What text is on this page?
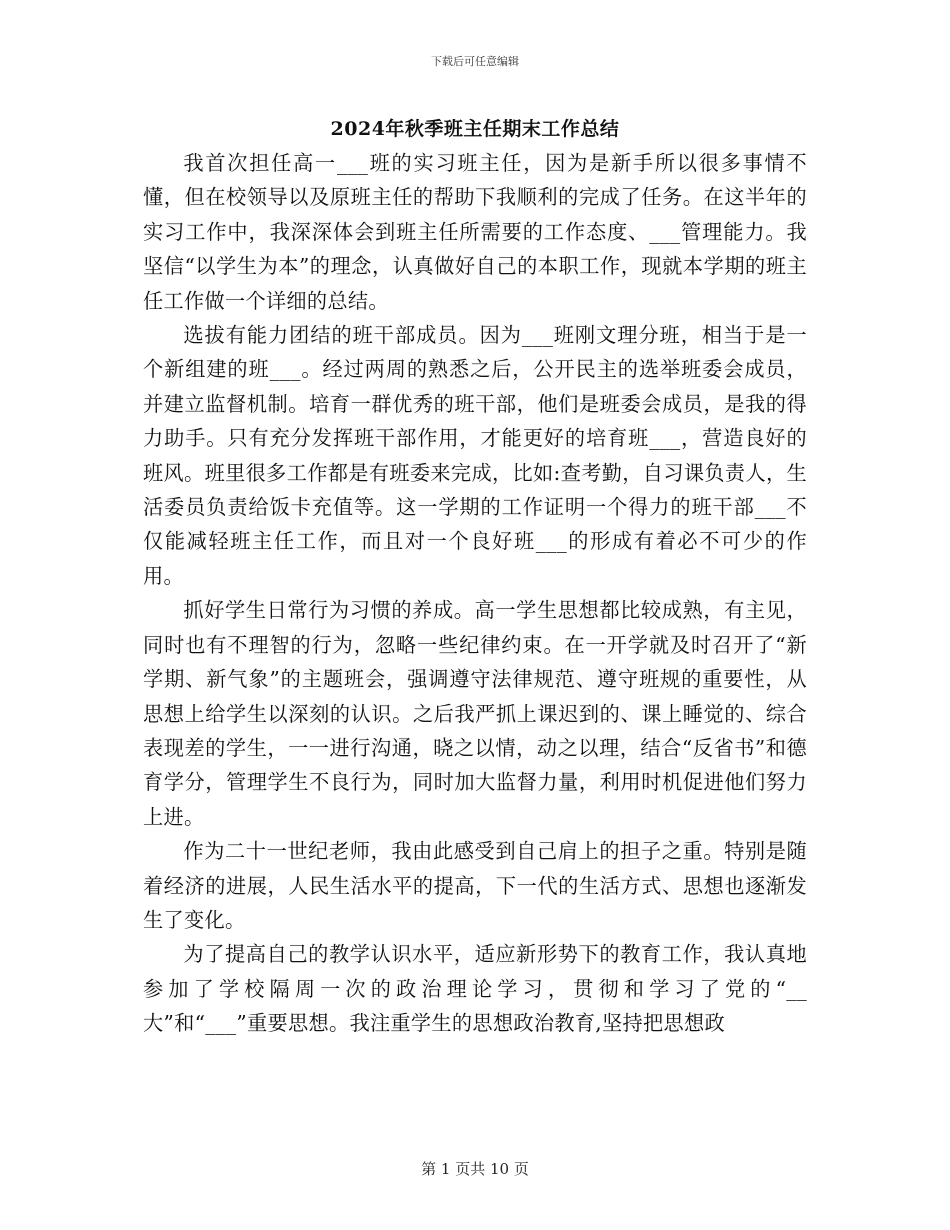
下载后可任意编辑
2024年秋季班主任期末工作总结

我首次担任高一___班的实习班主任，因为是新手所以很多事情不懂，但在校领导以及原班主任的帮助下我顺利的完成了任务。在这半年的实习工作中，我深深体会到班主任所需要的工作态度、___管理能力。我坚信“以学生为本”的理念，认真做好自己的本职工作，现就本学期的班主任工作做一个详细的总结。

选拔有能力团结的班干部成员。因为___班刚文理分班，相当于是一个新组建的班___。经过两周的熟悉之后，公开民主的选举班委会成员，并建立监督机制。培育一群优秀的班干部，他们是班委会成员，是我的得力助手。只有充分发挥班干部作用，才能更好的培育班___，营造良好的班风。班里很多工作都是有班委来完成，比如:查考勤，自习课负责人，生活委员负责给饭卡充值等。这一学期的工作证明一个得力的班干部___不仅能减轻班主任工作，而且对一个良好班___的形成有着必不可少的作用。

抓好学生日常行为习惯的养成。高一学生思想都比较成熟，有主见，同时也有不理智的行为，忽略一些纪律约束。在一开学就及时召开了“新学期、新气象”的主题班会，强调遵守法律规范、遵守班规的重要性，从思想上给学生以深刻的认识。之后我严抓上课迟到的、课上睡觉的、综合表现差的学生，一一进行沟通，晓之以情，动之以理，结合“反省书”和德育学分，管理学生不良行为，同时加大监督力量，利用时机促进他们努力上进。

作为二十一世纪老师，我由此感受到自己肩上的担子之重。特别是随着经济的进展，人民生活水平的提高，下一代的生活方式、思想也逐渐发生了变化。

为了提高自己的教学认识水平，适应新形势下的教育工作，我认真地参加了学校隔周一次的政治理论学习，贯彻和学习了党的“__大”和“___”重要思想。我注重学生的思想政治教育,坚持把思想政

第 1 页共 10 页
